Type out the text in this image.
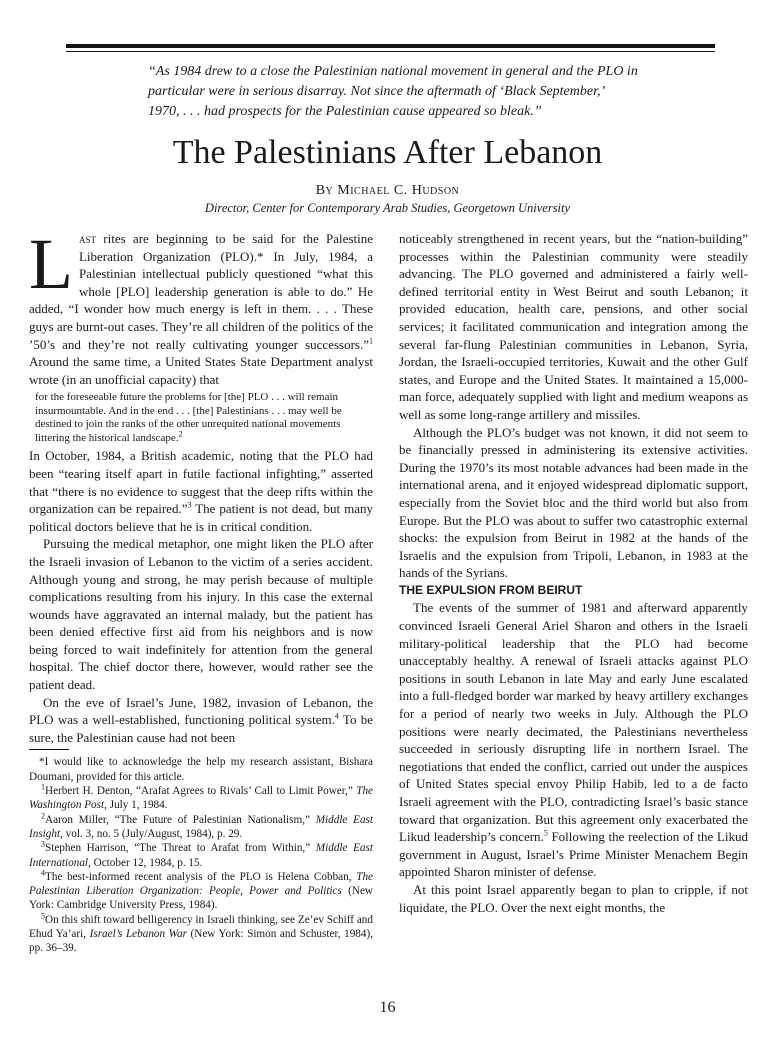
“As 1984 drew to a close the Palestinian national movement in general and the PLO in particular were in serious disarray. Not since the aftermath of ‘Black September,’ 1970, . . . had prospects for the Palestinian cause appeared so bleak.”
The Palestinians After Lebanon
By Michael C. Hudson
Director, Center for Contemporary Arab Studies, Georgetown University

Last rites are beginning to be said for the Palestine Liberation Organization (PLO).* In July, 1984, a Palestinian intellectual publicly questioned “what this whole [PLO] leadership generation is able to do.” He added, “I wonder how much energy is left in them. . . . These guys are burnt-out cases. They’re all children of the politics of the ’50’s and they’re not really cultivating younger successors.”$^1$ Around the same time, a United States State Department analyst wrote (in an unofficial capacity) that

for the foreseeable future the problems for [the] PLO . . . will remain insurmountable. And in the end . . . [the] Palestinians . . . may well be destined to join the ranks of the other unrequited national movements littering the historical landscape.$^2$

In October, 1984, a British academic, noting that the PLO had been “tearing itself apart in futile factional infighting,” asserted that “there is no evidence to suggest that the deep rifts within the organization can be repaired.”$^3$ The patient is not dead, but many political doctors believe that he is in critical condition.

Pursuing the medical metaphor, one might liken the PLO after the Israeli invasion of Lebanon to the victim of a series accident. Although young and strong, he may perish because of multiple complications resulting from his injury. In this case the external wounds have aggravated an internal malady, but the patient has been denied effective first aid from his neighbors and is now being forced to wait indefinitely for attention from the general hospital. The chief doctor there, however, would rather see the patient dead.

On the eve of Israel’s June, 1982, invasion of Lebanon, the PLO was a well-established, functioning political system.$^4$ To be sure, the Palestinian cause had not been

*I would like to acknowledge the help my research assistant, Bishara Doumani, provided for this article.

$^1$Herbert H. Denton, “Arafat Agrees to Rivals’ Call to Limit Power,” The Washington Post, July 1, 1984.

$^2$Aaron Miller, “The Future of Palestinian Nationalism,” Middle East Insight, vol. 3, no. 5 (July/August, 1984), p. 29.

$^3$Stephen Harrison, “The Threat to Arafat from Within,” Middle East International, October 12, 1984, p. 15.

$^4$The best-informed recent analysis of the PLO is Helena Cobban, The Palestinian Liberation Organization: People, Power and Politics (New York: Cambridge University Press, 1984).

$^5$On this shift toward belligerency in Israeli thinking, see Ze’ev Schiff and Ehud Ya’ari, Israel’s Lebanon War (New York: Simon and Schuster, 1984), pp. 36–39.

noticeably strengthened in recent years, but the “nation-building” processes within the Palestinian community were steadily advancing. The PLO governed and administered a fairly well-defined territorial entity in West Beirut and south Lebanon; it provided education, health care, pensions, and other social services; it facilitated communication and integration among the several far-flung Palestinian communities in Lebanon, Syria, Jordan, the Israeli-occupied territories, Kuwait and the other Gulf states, and Europe and the United States. It maintained a 15,000-man force, adequately supplied with light and medium weapons as well as some long-range artillery and missiles.

Although the PLO’s budget was not known, it did not seem to be financially pressed in administering its extensive activities. During the 1970’s its most notable advances had been made in the international arena, and it enjoyed widespread diplomatic support, especially from the Soviet bloc and the third world but also from Europe. But the PLO was about to suffer two catastrophic external shocks: the expulsion from Beirut in 1982 at the hands of the Israelis and the expulsion from Tripoli, Lebanon, in 1983 at the hands of the Syrians.

THE EXPULSION FROM BEIRUT

The events of the summer of 1981 and afterward apparently convinced Israeli General Ariel Sharon and others in the Israeli military-political leadership that the PLO had become unacceptably healthy. A renewal of Israeli attacks against PLO positions in south Lebanon in late May and early June escalated into a full-fledged border war marked by heavy artillery exchanges for a period of nearly two weeks in July. Although the PLO positions were nearly decimated, the Palestinians nevertheless succeeded in seriously disrupting life in northern Israel. The negotiations that ended the conflict, carried out under the auspices of United States special envoy Philip Habib, led to a de facto Israeli agreement with the PLO, contradicting Israel’s basic stance toward that organization. But this agreement only exacerbated the Likud leadership’s concern.$^5$ Following the reelection of the Likud government in August, Israel’s Prime Minister Menachem Begin appointed Sharon minister of defense.

At this point Israel apparently began to plan to cripple, if not liquidate, the PLO. Over the next eight months, the

16
